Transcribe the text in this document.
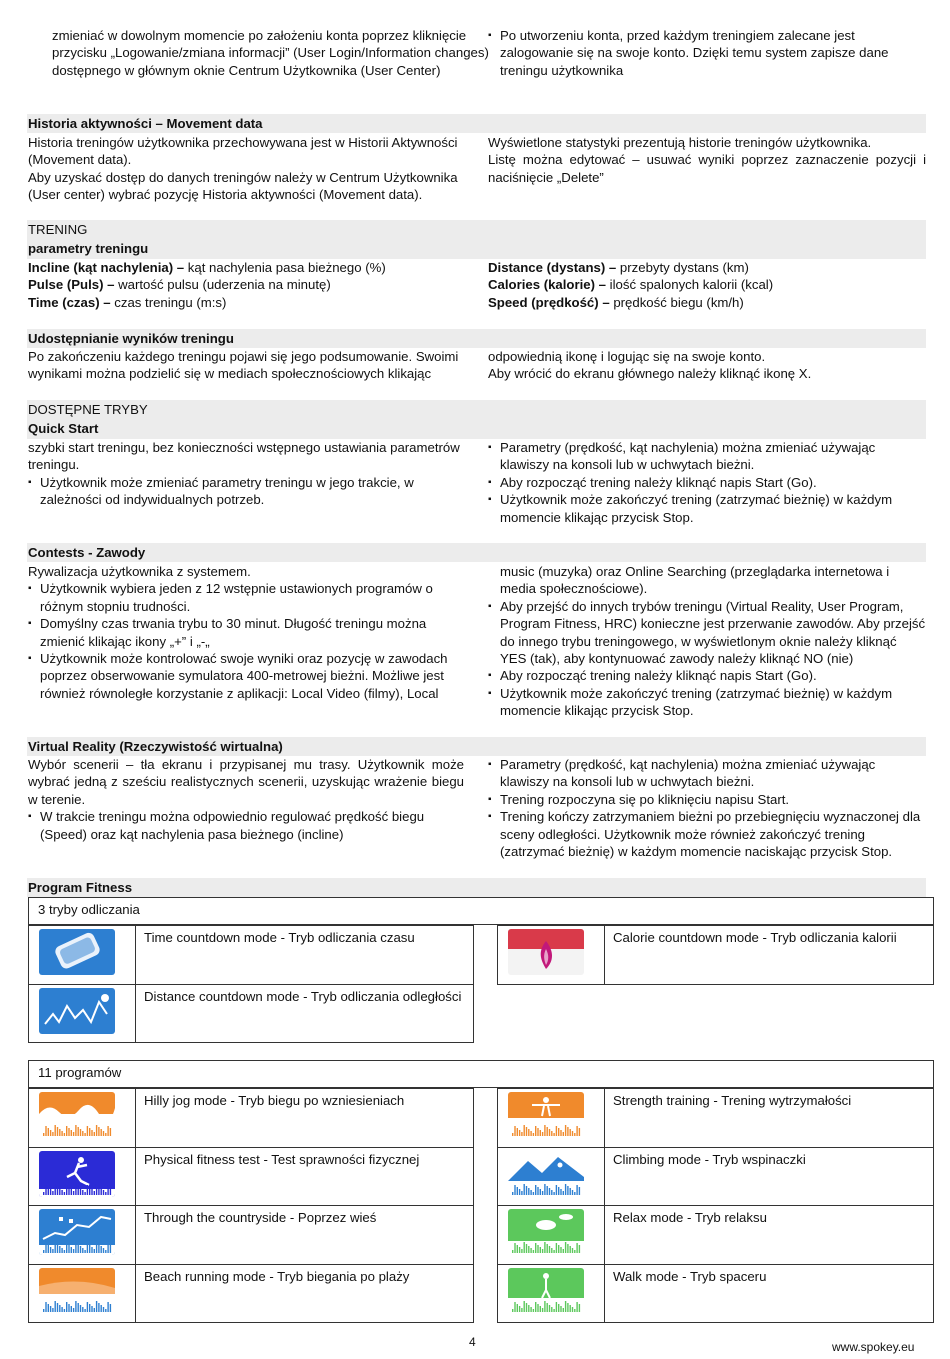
zmieniać w dowolnym momencie po założeniu konta poprzez kliknięcie przycisku „Logowanie/zmiana informacji” (User Login/Information changes) dostępnego w głównym oknie Centrum Użytkownika (User Center)
▪ Po utworzeniu konta, przed każdym treningiem zalecane jest zalogowanie się na swoje konto. Dzięki temu system zapisze dane treningu użytkownika
Historia aktywności – Movement data
Historia treningów użytkownika przechowywana jest w Historii Aktywności (Movement data).
Aby uzyskać dostęp do danych treningów należy w Centrum Użytkownika (User center) wybrać pozycję Historia aktywności (Movement data).
Wyświetlone statystyki prezentują historie treningów użytkownika.
Listę można edytować – usuwać wyniki poprzez zaznaczenie pozycji i naciśnięcie „Delete”
TRENING
parametry treningu
Incline (kąt nachylenia) – kąt nachylenia pasa bieżnego (%)
Pulse (Puls) – wartość pulsu (uderzenia na minutę)
Time (czas) – czas treningu (m:s)
Distance (dystans) – przebyty dystans (km)
Calories (kalorie) – ilość spalonych kalorii (kcal)
Speed (prędkość) – prędkość biegu (km/h)
Udostępnianie wyników treningu
Po zakończeniu każdego treningu pojawi się jego podsumowanie. Swoimi wynikami można podzielić się w mediach społecznościowych klikając
odpowiednią ikonę i logując się na swoje konto.
Aby wrócić do ekranu głównego należy kliknąć ikonę X.
DOSTĘPNE TRYBY
Quick Start
szybki start treningu, bez konieczności wstępnego ustawiania parametrów treningu.
▪ Użytkownik może zmieniać parametry treningu w jego trakcie, w zależności od indywidualnych potrzeb.
▪ Parametry (prędkość, kąt nachylenia) można zmieniać używając klawiszy na konsoli lub w uchwytach bieżni.
▪ Aby rozpocząć trening należy kliknąć napis Start (Go).
▪ Użytkownik może zakończyć trening (zatrzymać bieżnię) w każdym momencie klikając przycisk Stop.
Contests - Zawody
Rywalizacja użytkownika z systemem.
▪ Użytkownik wybiera jeden z 12 wstępnie ustawionych programów o różnym stopniu trudności.
▪ Domyślny czas trwania trybu to 30 minut. Długość treningu można zmienić klikając ikony „+” i „-„
▪ Użytkownik może kontrolować swoje wyniki oraz pozycję w zawodach poprzez obserwowanie symulatora 400-metrowej bieżni. Możliwe jest również równoległe korzystanie z aplikacji: Local Video (filmy), Local
music (muzyka) oraz Online Searching (przeglądarka internetowa i media społecznościowe).
▪ Aby przejść do innych trybów treningu (Virtual Reality, User Program, Program Fitness, HRC) konieczne jest przerwanie zawodów. Aby przejść do innego trybu treningowego, w wyświetlonym oknie należy kliknąć YES (tak), aby kontynuować zawody należy kliknąć NO (nie)
▪ Aby rozpocząć trening należy kliknąć napis Start (Go).
▪ Użytkownik może zakończyć trening (zatrzymać bieżnię) w każdym momencie klikając przycisk Stop.
Virtual Reality (Rzeczywistość wirtualna)
Wybór scenerii – tła ekranu i przypisanej mu trasy. Użytkownik może wybrać jedną z sześciu realistycznych scenerii, uzyskując wrażenie biegu w terenie.
▪ W trakcie treningu można odpowiednio regulować prędkość biegu (Speed) oraz kąt nachylenia pasa bieżnego (incline)
▪ Parametry (prędkość, kąt nachylenia) można zmieniać używając klawiszy na konsoli lub w uchwytach bieżni.
▪ Trening rozpoczyna się po kliknięciu napisu Start.
▪ Trening kończy zatrzymaniem bieżni po przebiegnięciu wyznaczonej dla sceny odległości. Użytkownik może również zakończyć trening (zatrzymać bieżnię) w każdym momencie naciskając przycisk Stop.
Program Fitness
3 tryby odliczania
Time countdown mode - Tryb odliczania czasu	Calorie countdown mode - Tryb odliczania kalorii
Distance countdown mode - Tryb odliczania odległości
11 programów
Hilly jog mode - Tryb biegu po wzniesieniach	Strength training - Trening wytrzymałości
Physical fitness test - Test sprawności fizycznej	Climbing mode - Tryb wspinaczki
Through the countryside - Poprzez wieś	Relax mode - Tryb relaksu
Beach running mode - Tryb biegania po plaży	Walk mode - Tryb spaceru
4	www.spokey.eu
